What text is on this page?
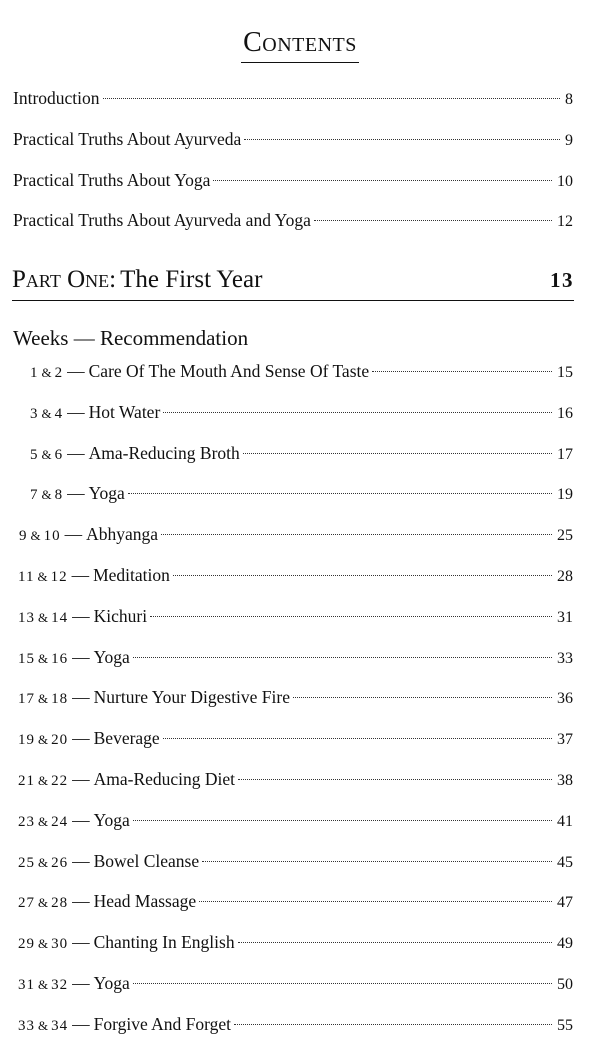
Contents
Introduction	8
Practical Truths About Ayurveda	9
Practical Truths About Yoga	10
Practical Truths About Ayurveda and Yoga	12
Part One: The First Year	13
Weeks — Recommendation
1 & 2 — Care Of The Mouth And Sense Of Taste	15
3 & 4 — Hot Water	16
5 & 6 — Ama-Reducing Broth	17
7 & 8 — Yoga	19
9 & 10 — Abhyanga	25
11 & 12 — Meditation	28
13 & 14 — Kichuri	31
15 & 16 — Yoga	33
17 & 18 — Nurture Your Digestive Fire	36
19 & 20 — Beverage	37
21 & 22 — Ama-Reducing Diet	38
23 & 24 — Yoga	41
25 & 26 — Bowel Cleanse	45
27 & 28 — Head Massage	47
29 & 30 — Chanting In English	49
31 & 32 — Yoga	50
33 & 34 — Forgive And Forget	55
